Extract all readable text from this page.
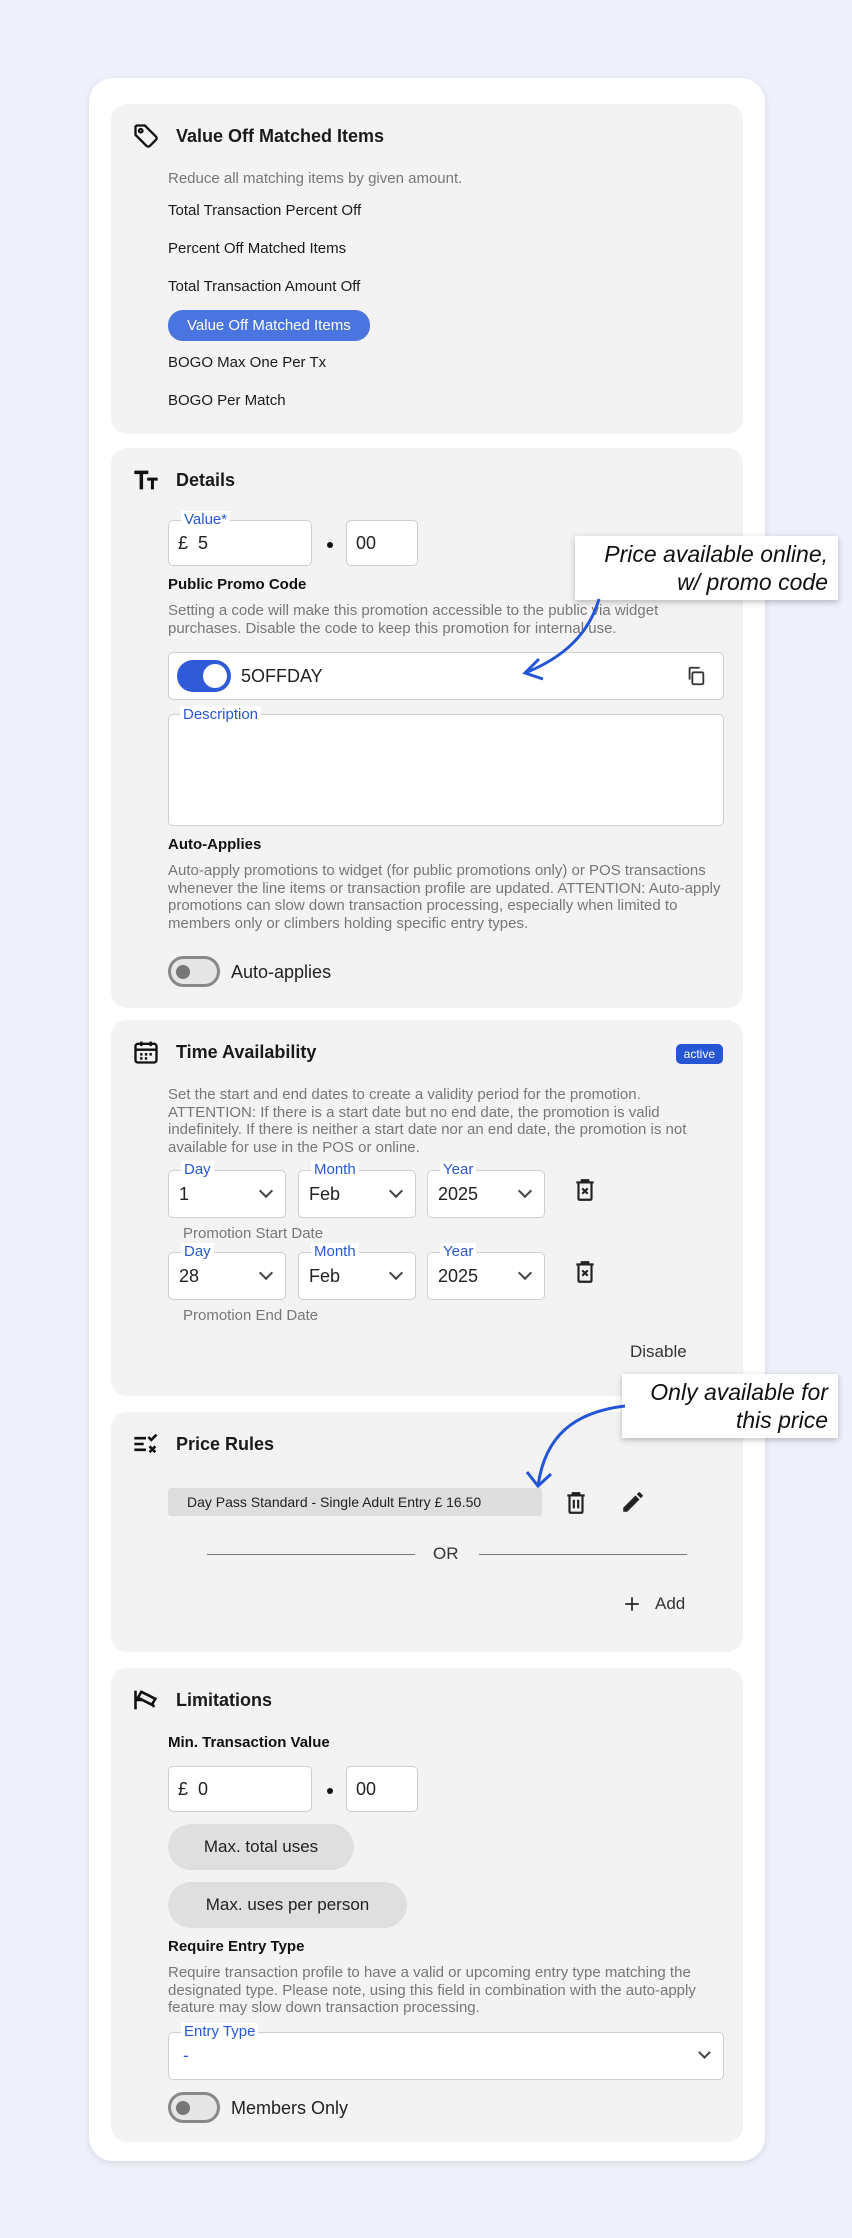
Value Off Matched Items
Reduce all matching items by given amount.
Total Transaction Percent Off
Percent Off Matched Items
Total Transaction Amount Off
Value Off Matched Items
BOGO Max One Per Tx
BOGO Per Match
Details
Value*
£ 5	00
Public Promo Code
Setting a code will make this promotion accessible to the public via widget purchases. Disable the code to keep this promotion for internal use.
5OFFDAY
Description
Auto-Applies
Auto-apply promotions to widget (for public promotions only) or POS transactions whenever the line items or transaction profile are updated. ATTENTION: Auto-apply promotions can slow down transaction processing, especially when limited to members only or climbers holding specific entry types.
Auto-applies
Time Availability	active
Set the start and end dates to create a validity period for the promotion. ATTENTION: If there is a start date but no end date, the promotion is valid indefinitely. If there is neither a start date nor an end date, the promotion is not available for use in the POS or online.
Day
1
Month
Feb
Year
2025
Promotion Start Date
Day
28
Month
Feb
Year
2025
Promotion End Date
Disable
Price Rules
Day Pass Standard - Single Adult Entry £ 16.50
OR
Add
Limitations
Min. Transaction Value
£ 0	00
Max. total uses
Max. uses per person
Require Entry Type
Require transaction profile to have a valid or upcoming entry type matching the designated type. Please note, using this field in combination with the auto-apply feature may slow down transaction processing.
Entry Type
-
Members Only
Price available online,
w/ promo code
Only available for
this price
